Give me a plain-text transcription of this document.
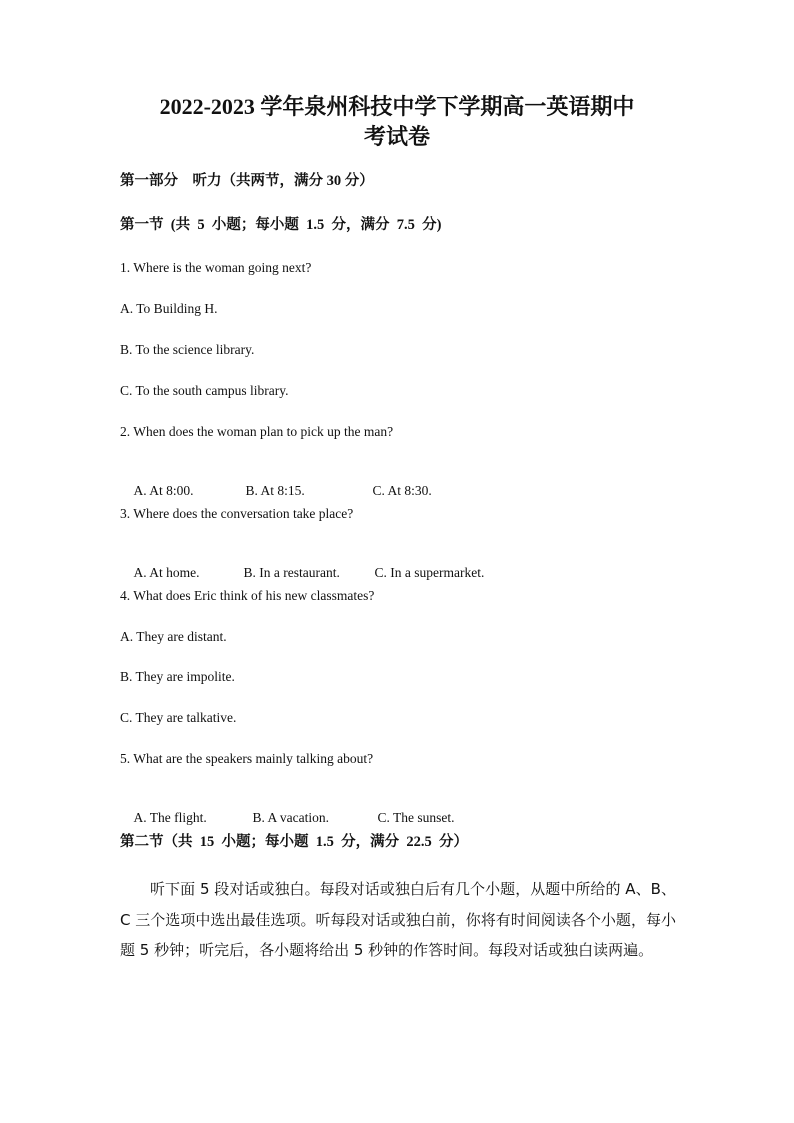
2022-2023 学年泉州科技中学下学期高一英语期中
考试卷
第一部分    听力（共两节，满分 30 分）
第一节  (共  5  小题；每小题  1.5  分，满分  7.5  分)
1. Where is the woman going next?
A. To Building H.
B. To the science library.
C. To the south campus library.
2. When does the woman plan to pick up the man?

A. At 8:00.	B. At 8:15.	C. At 8:30.

3. Where does the conversation take place?

A. At home.	B. In a restaurant.	C. In a supermarket.

4. What does Eric think of his new classmates?
A. They are distant.
B. They are impolite.
C. They are talkative.
5. What are the speakers mainly talking about?

A. The flight.	B. A vacation.	C. The sunset.

第二节（共  15  小题；每小题  1.5  分，满分  22.5  分）
听下面 5 段对话或独白。每段对话或独白后有几个小题，从题中所给的 A、B、C 三个选项中选出最佳选项。听每段对话或独白前，你将有时间阅读各个小题，每小题 5 秒钟；听完后，各小题将给出 5 秒钟的作答时间。每段对话或独白读两遍。
